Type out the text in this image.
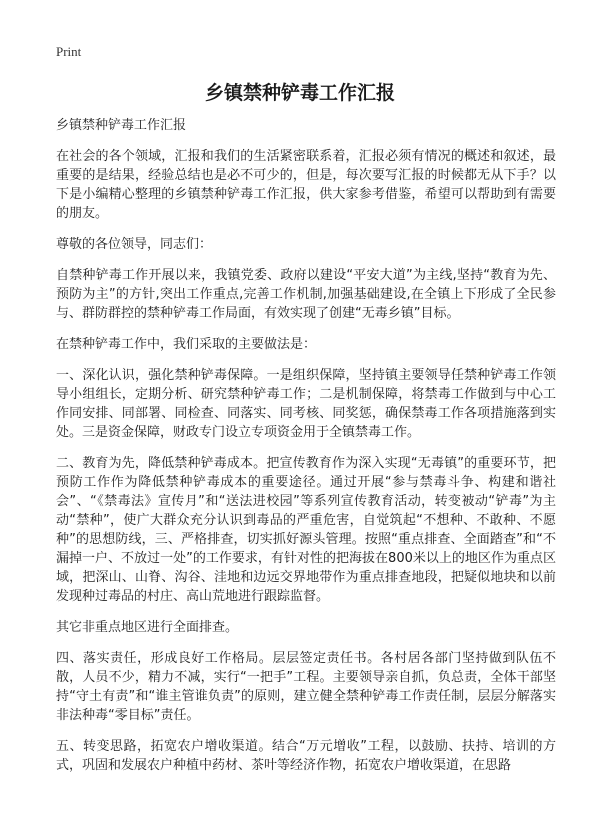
Print
乡镇禁种铲毒工作汇报

乡镇禁种铲毒工作汇报

在社会的各个领域，汇报和我们的生活紧密联系着，汇报必须有情况的概述和叙述，最重要的是结果，经验总结也是必不可少的，但是，每次要写汇报的时候都无从下手？以下是小编精心整理的乡镇禁种铲毒工作汇报，供大家参考借鉴，希望可以帮助到有需要的朋友。

尊敬的各位领导，同志们：

自禁种铲毒工作开展以来，我镇党委、政府以建设“平安大道”为主线,坚持“教育为先、预防为主”的方针,突出工作重点,完善工作机制,加强基础建设,在全镇上下形成了全民参与、群防群控的禁种铲毒工作局面，有效实现了创建“无毒乡镇”目标。

在禁种铲毒工作中，我们采取的主要做法是：

一、深化认识，强化禁种铲毒保障。一是组织保障，坚持镇主要领导任禁种铲毒工作领导小组组长，定期分析、研究禁种铲毒工作；二是机制保障，将禁毒工作做到与中心工作同安排、同部署、同检查、同落实、同考核、同奖惩，确保禁毒工作各项措施落到实处。三是资金保障，财政专门设立专项资金用于全镇禁毒工作。

二、教育为先，降低禁种铲毒成本。把宣传教育作为深入实现“无毒镇”的重要环节，把预防工作作为降低禁种铲毒成本的重要途径。通过开展“参与禁毒斗争、构建和谐社会”、“《禁毒法》宣传月”和“送法进校园”等系列宣传教育活动，转变被动“铲毒”为主动“禁种”，使广大群众充分认识到毒品的严重危害，自觉筑起“不想种、不敢种、不愿种”的思想防线，三、严格排查，切实抓好源头管理。按照“重点排查、全面踏查”和“不漏掉一户、不放过一处”的工作要求，有针对性的把海拔在800米以上的地区作为重点区域，把深山、山脊、沟谷、洼地和边远交界地带作为重点排查地段，把疑似地块和以前发现种过毒品的村庄、高山荒地进行跟踪监督。

其它非重点地区进行全面排查。

四、落实责任，形成良好工作格局。层层签定责任书。各村居各部门坚持做到队伍不散，人员不少，精力不减，实行“一把手”工程。主要领导亲自抓，负总责，全体干部坚持“守土有责”和“谁主管谁负责”的原则，建立健全禁种铲毒工作责任制，层层分解落实非法种毒“零目标”责任。

五、转变思路，拓宽农户增收渠道。结合“万元增收”工程，以鼓励、扶持、培训的方式，巩固和发展农户种植中药材、茶叶等经济作物，拓宽农户增收渠道，在思路
